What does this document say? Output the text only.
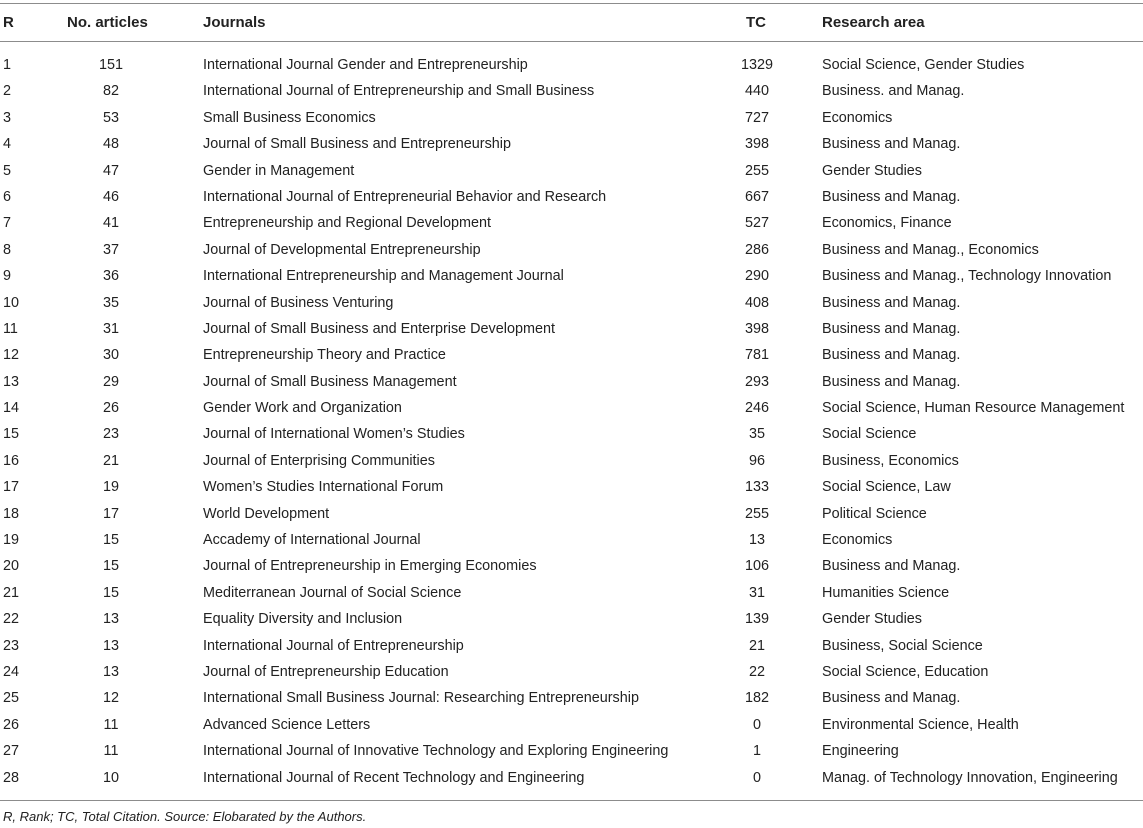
R	No. articles	Journals	TC	Research area
1	151	International Journal Gender and Entrepreneurship	1329	Social Science, Gender Studies
2	82	International Journal of Entrepreneurship and Small Business	440	Business. and Manag.
3	53	Small Business Economics	727	Economics
4	48	Journal of Small Business and Entrepreneurship	398	Business and Manag.
5	47	Gender in Management	255	Gender Studies
6	46	International Journal of Entrepreneurial Behavior and Research	667	Business and Manag.
7	41	Entrepreneurship and Regional Development	527	Economics, Finance
8	37	Journal of Developmental Entrepreneurship	286	Business and Manag., Economics
9	36	International Entrepreneurship and Management Journal	290	Business and Manag., Technology Innovation
10	35	Journal of Business Venturing	408	Business and Manag.
11	31	Journal of Small Business and Enterprise Development	398	Business and Manag.
12	30	Entrepreneurship Theory and Practice	781	Business and Manag.
13	29	Journal of Small Business Management	293	Business and Manag.
14	26	Gender Work and Organization	246	Social Science, Human Resource Management
15	23	Journal of International Women’s Studies	35	Social Science
16	21	Journal of Enterprising Communities	96	Business, Economics
17	19	Women’s Studies International Forum	133	Social Science, Law
18	17	World Development	255	Political Science
19	15	Accademy of International Journal	13	Economics
20	15	Journal of Entrepreneurship in Emerging Economies	106	Business and Manag.
21	15	Mediterranean Journal of Social Science	31	Humanities Science
22	13	Equality Diversity and Inclusion	139	Gender Studies
23	13	International Journal of Entrepreneurship	21	Business, Social Science
24	13	Journal of Entrepreneurship Education	22	Social Science, Education
25	12	International Small Business Journal: Researching Entrepreneurship	182	Business and Manag.
26	11	Advanced Science Letters	0	Environmental Science, Health
27	11	International Journal of Innovative Technology and Exploring Engineering	1	Engineering
28	10	International Journal of Recent Technology and Engineering	0	Manag. of Technology Innovation, Engineering
R, Rank; TC, Total Citation. Source: Elobarated by the Authors.
